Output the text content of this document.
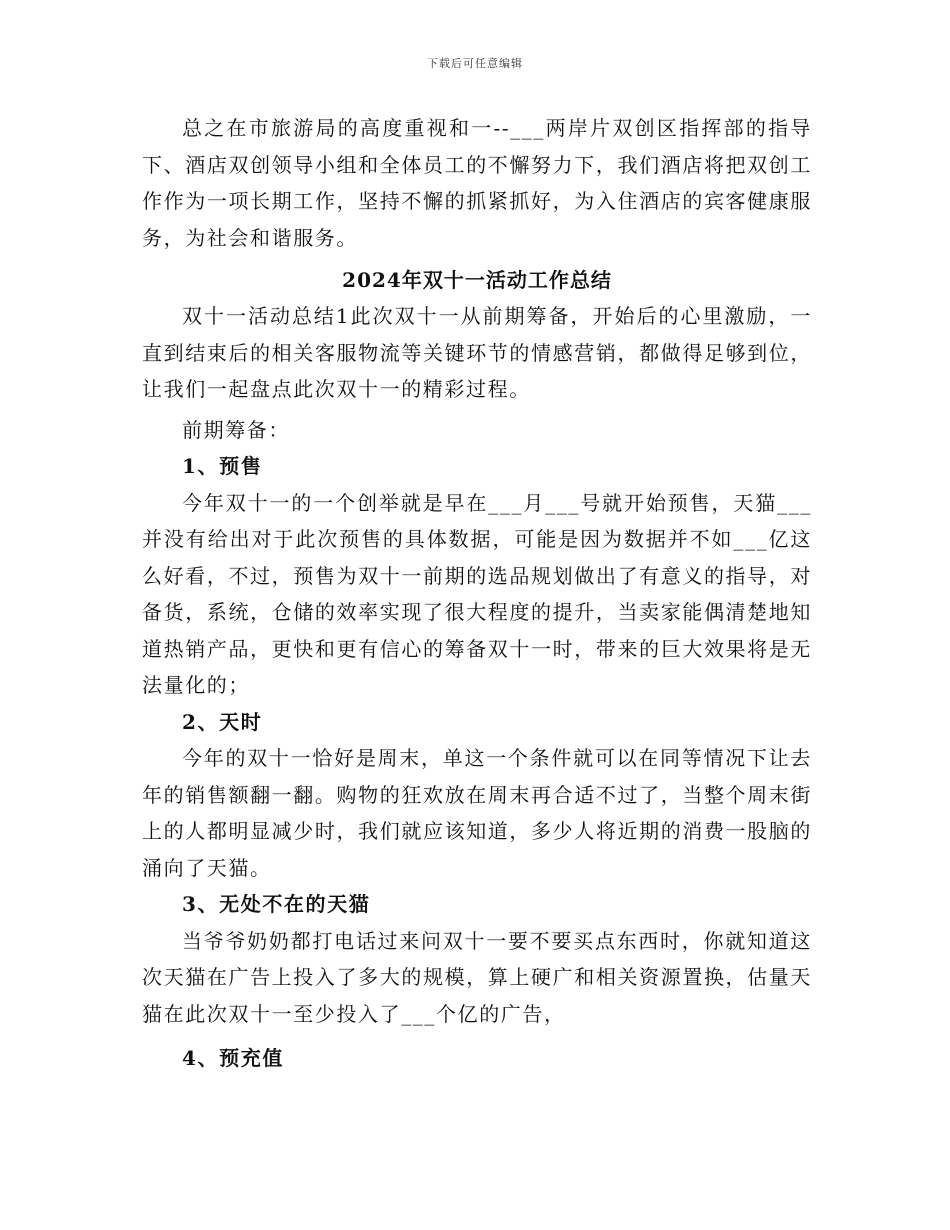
下载后可任意编辑

总之在市旅游局的高度重视和一--___两岸片双创区指挥部的指导下、酒店双创领导小组和全体员工的不懈努力下，我们酒店将把双创工作作为一项长期工作，坚持不懈的抓紧抓好，为入住酒店的宾客健康服务，为社会和谐服务。

2024年双十一活动工作总结

双十一活动总结1此次双十一从前期筹备，开始后的心里激励，一直到结束后的相关客服物流等关键环节的情感营销，都做得足够到位，让我们一起盘点此次双十一的精彩过程。

前期筹备：

1、预售

今年双十一的一个创举就是早在___月___号就开始预售，天猫___并没有给出对于此次预售的具体数据，可能是因为数据并不如___亿这么好看，不过，预售为双十一前期的选品规划做出了有意义的指导，对备货，系统，仓储的效率实现了很大程度的提升，当卖家能偶清楚地知道热销产品，更快和更有信心的筹备双十一时，带来的巨大效果将是无法量化的；

2、天时

今年的双十一恰好是周末，单这一个条件就可以在同等情况下让去年的销售额翻一翻。购物的狂欢放在周末再合适不过了，当整个周末街上的人都明显减少时，我们就应该知道，多少人将近期的消费一股脑的涌向了天猫。

3、无处不在的天猫

当爷爷奶奶都打电话过来问双十一要不要买点东西时，你就知道这次天猫在广告上投入了多大的规模，算上硬广和相关资源置换，估量天猫在此次双十一至少投入了___个亿的广告，

4、预充值
